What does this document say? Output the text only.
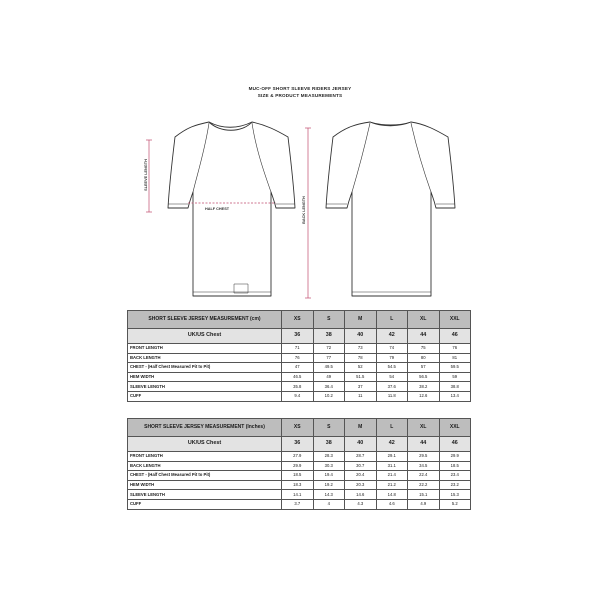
MUC-OFF SHORT SLEEVE RIDERS JERSEY
SIZE & PRODUCT MEASUREMENTS
SLEEVE LENGTH
HALF CHEST	BACK LENGTH
SHORT SLEEVE JERSEY MEASUREMENT (cm)	XS	S	M	L	XL	XXL
UK/US Chest	36	38	40	42	44	46
FRONT LENGTH	71	72	73	74	75	76
BACK LENGTH	76	77	78	79	80	81
CHEST - (Half Chest Measured Pit to Pit)	47	49.5	52	54.5	57	59.5
HEM WIDTH	46.5	49	51.5	54	56.5	59
SLEEVE LENGTH	35.8	36.4	37	37.6	38.2	38.8
CUFF	9.4	10.2	11	11.8	12.6	13.4
SHORT SLEEVE JERSEY MEASUREMENT (Inches)	XS	S	M	L	XL	XXL
UK/US Chest	36	38	40	42	44	46
FRONT LENGTH	27.9	28.3	28.7	29.1	29.5	29.9
BACK LENGTH	29.9	30.3	30.7	31.1	34.5	18.5
CHEST - (Half Chest Measured Pit to Pit)	18.5	19.4	20.4	21.4	22.4	23.4
HEM WIDTH	18.3	19.2	20.3	21.2	22.2	23.2
SLEEVE LENGTH	14.1	14.3	14.6	14.8	15.1	15.3
CUFF	3.7	4	4.3	4.6	4.9	5.2
